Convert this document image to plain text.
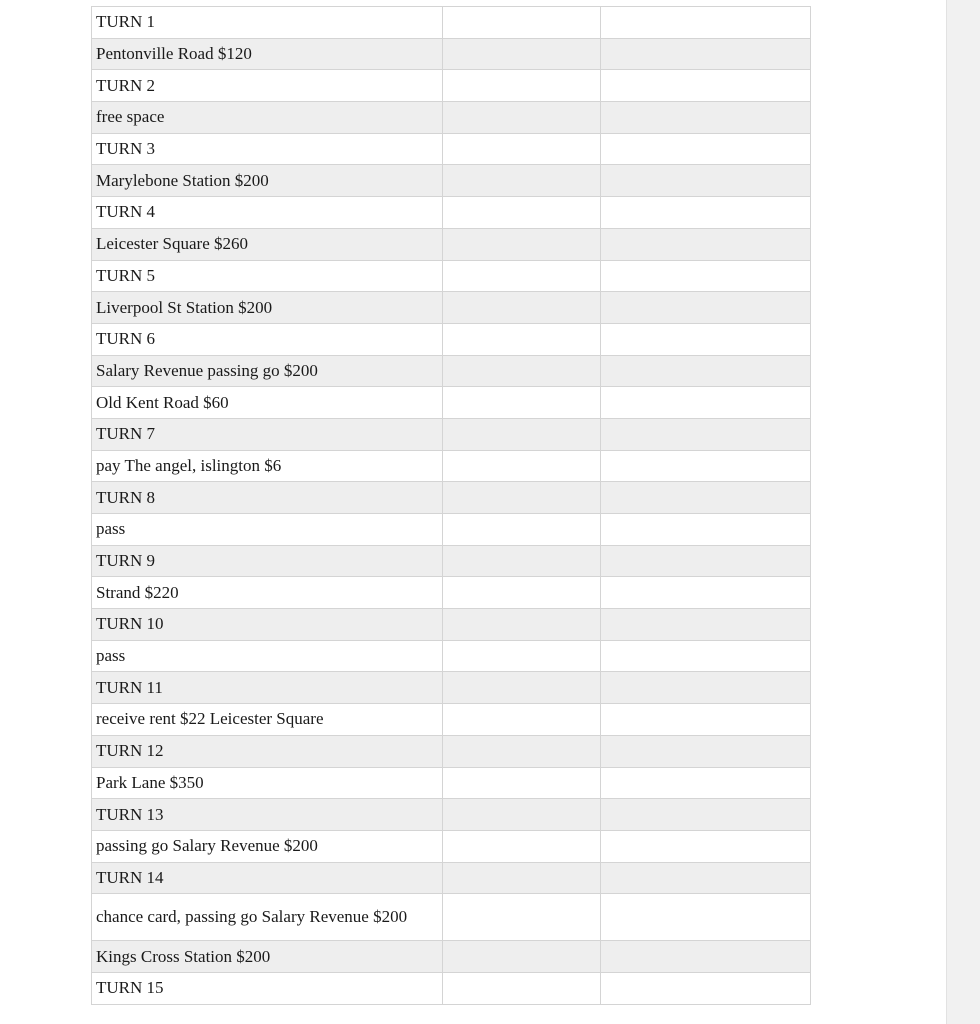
TURN 1		
Pentonville Road $120		
TURN 2		
free space		
TURN 3		
Marylebone Station $200		
TURN 4		
Leicester Square $260		
TURN 5		
Liverpool St Station $200		
TURN 6		
Salary Revenue passing go $200		
Old Kent Road $60		
TURN 7		
pay The angel, islington $6		
TURN 8		
pass		
TURN 9		
Strand $220		
TURN 10		
pass		
TURN 11		
receive rent $22 Leicester Square		
TURN 12		
Park Lane $350		
TURN 13		
passing go Salary Revenue $200		
TURN 14		
chance card, passing go Salary Revenue $200		
Kings Cross Station $200		
TURN 15		
